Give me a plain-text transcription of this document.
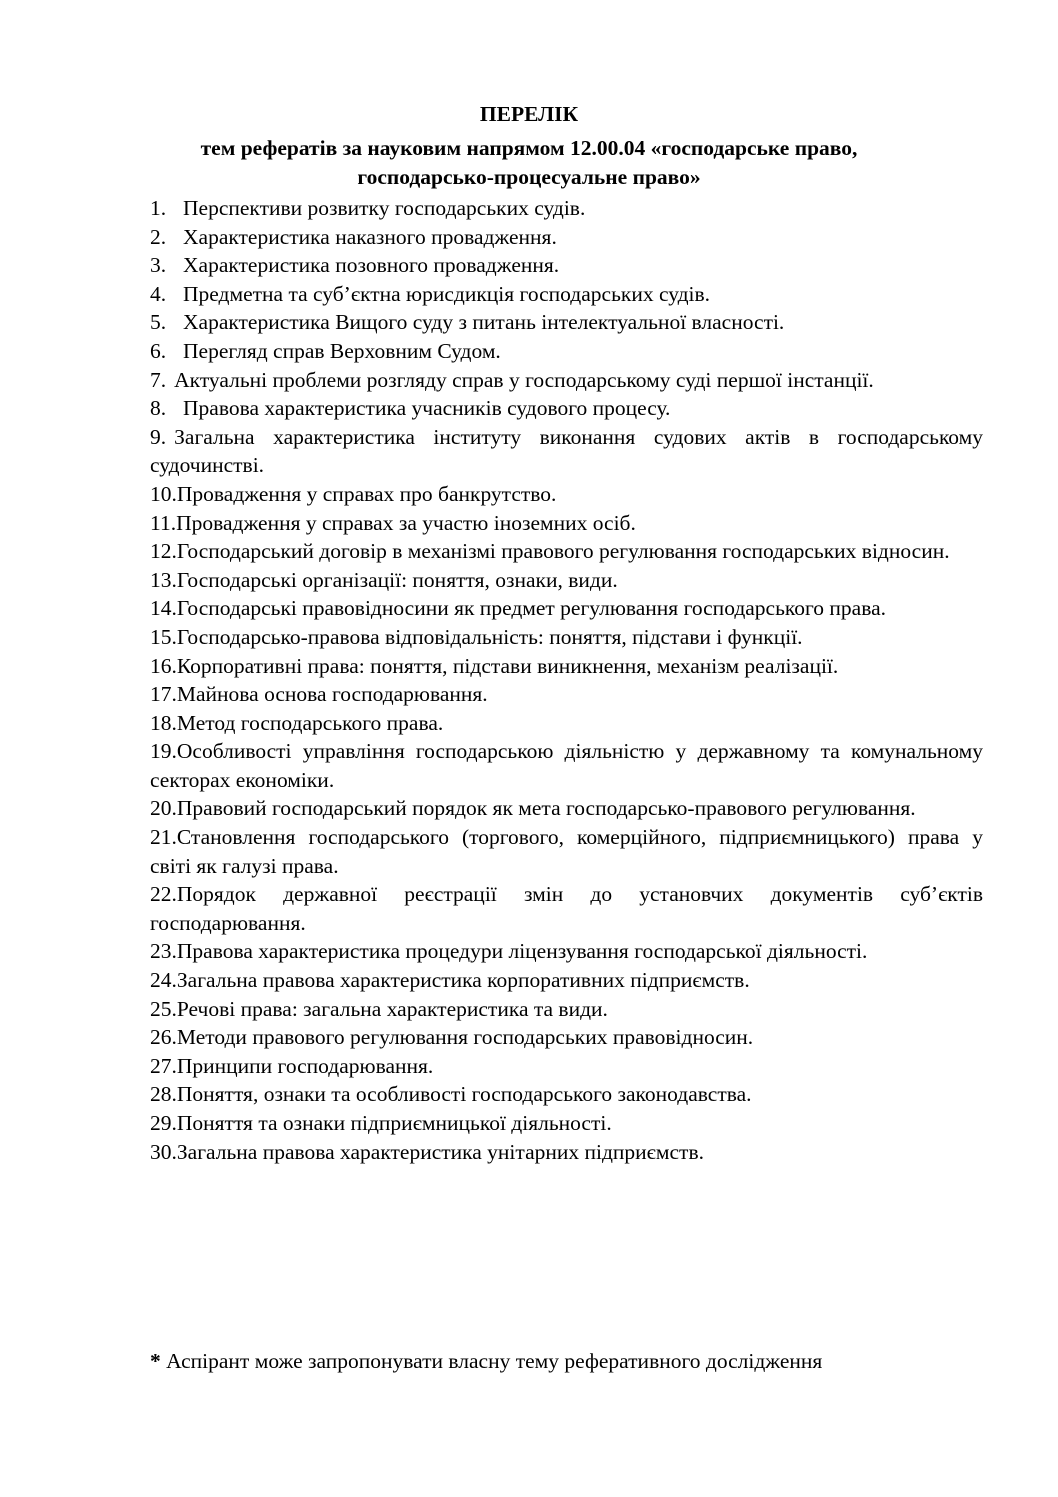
ПЕРЕЛІК
тем рефератів за науковим напрямом 12.00.04 «господарське право,
господарсько-процесуальне право»
1. Перспективи розвитку господарських судів.
2. Характеристика наказного провадження.
3. Характеристика позовного провадження.
4. Предметна та суб’єктна юрисдикція господарських судів.
5. Характеристика Вищого суду з питань інтелектуальної власності.
6. Перегляд справ Верховним Судом.
7. Актуальні проблеми розгляду справ у господарському суді першої інстанції.
8. Правова характеристика учасників судового процесу.
9. Загальна характеристика інституту виконання судових актів в господарському судочинстві.
10. Провадження у справах про банкрутство.
11. Провадження у справах за участю іноземних осіб.
12.Господарський договір в механізмі правового регулювання господарських відносин.
13. Господарські організації: поняття, ознаки, види.
14.Господарські правовідносини як предмет регулювання господарського права.
15. Господарсько-правова відповідальність: поняття, підстави і функції.
16. Корпоративні права: поняття, підстави виникнення, механізм реалізації.
17. Майнова основа господарювання.
18. Метод господарського права.
19.Особливості управління господарською діяльністю у державному та комунальному секторах економіки.
20.Правовий господарський порядок як мета господарсько-правового регулювання.
21.Становлення господарського (торгового, комерційного, підприємницького) права у світі як галузі права.
22.Порядок державної реєстрації змін до установчих документів суб’єктів господарювання.
23. Правова характеристика процедури ліцензування господарської діяльності.
24. Загальна правова характеристика корпоративних підприємств.
25. Речові права: загальна характеристика та види.
26. Методи правового регулювання господарських правовідносин.
27. Принципи господарювання.
28. Поняття, ознаки та особливості господарського законодавства.
29. Поняття та ознаки підприємницької діяльності.
30. Загальна правова характеристика унітарних підприємств.
* Аспірант може запропонувати власну тему реферативного дослідження
